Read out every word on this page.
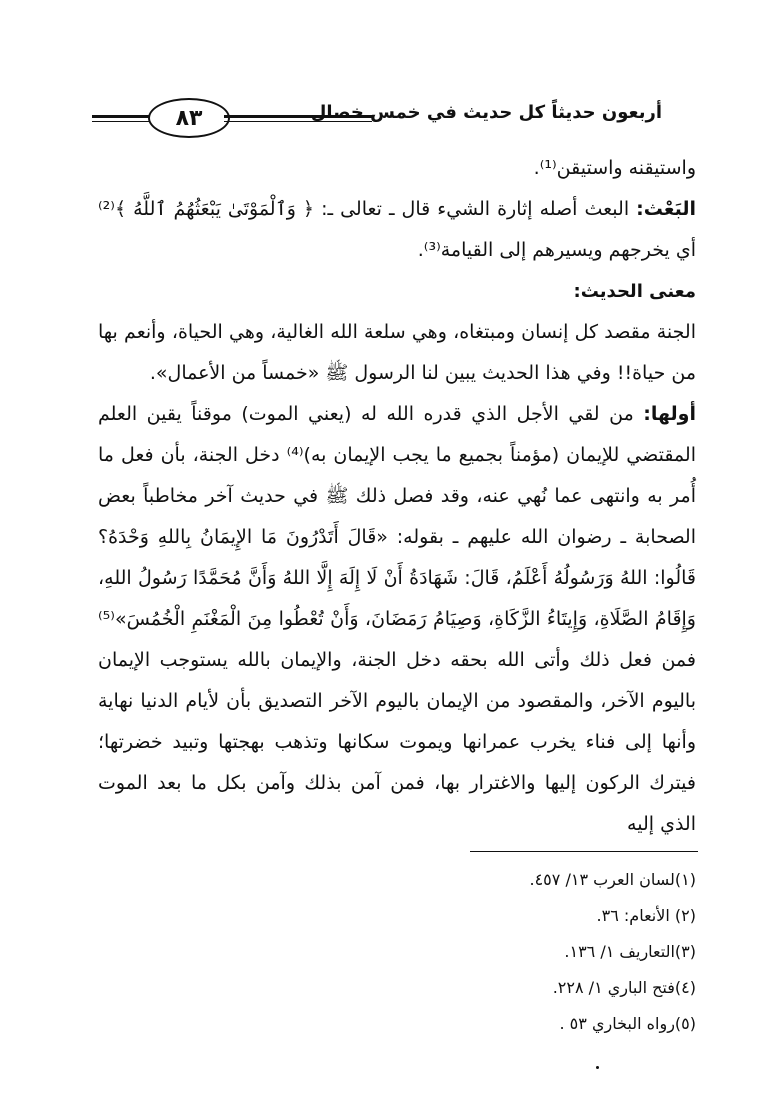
٨٣	أربعون حديثاً كل حديث في خمس خصال

واستيقنه واستيقن⁽¹⁾.

البَعْث: البعث أصله إثارة الشيء قال ـ تعالى ـ: ﴿ وَٱلْمَوْتَىٰ يَبْعَثُهُمُ ٱللَّهُ ﴾⁽²⁾ أي يخرجهم ويسيرهم إلى القيامة⁽³⁾.

معنى الحديث:

الجنة مقصد كل إنسان ومبتغاه، وهي سلعة الله الغالية، وهي الحياة، وأنعم بها من حياة!! وفي هذا الحديث يبين لنا الرسول ﷺ «خمساً من الأعمال».

أولها: من لقي الأجل الذي قدره الله له (يعني الموت) موقناً يقين العلم المقتضي للإيمان (مؤمناً بجميع ما يجب الإيمان به)⁽⁴⁾ دخل الجنة، بأن فعل ما أُمر به وانتهى عما نُهي عنه، وقد فصل ذلك ﷺ في حديث آخر مخاطباً بعض الصحابة ـ رضوان الله عليهم ـ بقوله: «قَالَ أَتَدْرُونَ مَا الإِيمَانُ بِاللهِ وَحْدَهُ؟ قَالُوا: اللهُ وَرَسُولُهُ أَعْلَمُ، قَالَ: شَهَادَةُ أَنْ لَا إِلَهَ إِلَّا اللهُ وَأَنَّ مُحَمَّدًا رَسُولُ اللهِ، وَإِقَامُ الصَّلَاةِ، وَإِيتَاءُ الزَّكَاةِ، وَصِيَامُ رَمَضَانَ، وَأَنْ تُعْطُوا مِنَ الْمَغْنَمِ الْخُمُسَ»⁽⁵⁾ فمن فعل ذلك وأتى الله بحقه دخل الجنة، والإيمان بالله يستوجب الإيمان باليوم الآخر، والمقصود من الإيمان باليوم الآخر التصديق بأن لأيام الدنيا نهاية وأنها إلى فناء يخرب عمرانها ويموت سكانها وتذهب بهجتها وتبيد خضرتها؛ فيترك الركون إليها والاغترار بها، فمن آمن بذلك وآمن بكل ما بعد الموت الذي إليه

(١)لسان العرب ١٣/ ٤٥٧.
(٢) الأنعام: ٣٦.
(٣)التعاريف ١/ ١٣٦.
(٤)فتح الباري ١/ ٢٢٨.
(٥)رواه البخاري ٥٣ .
